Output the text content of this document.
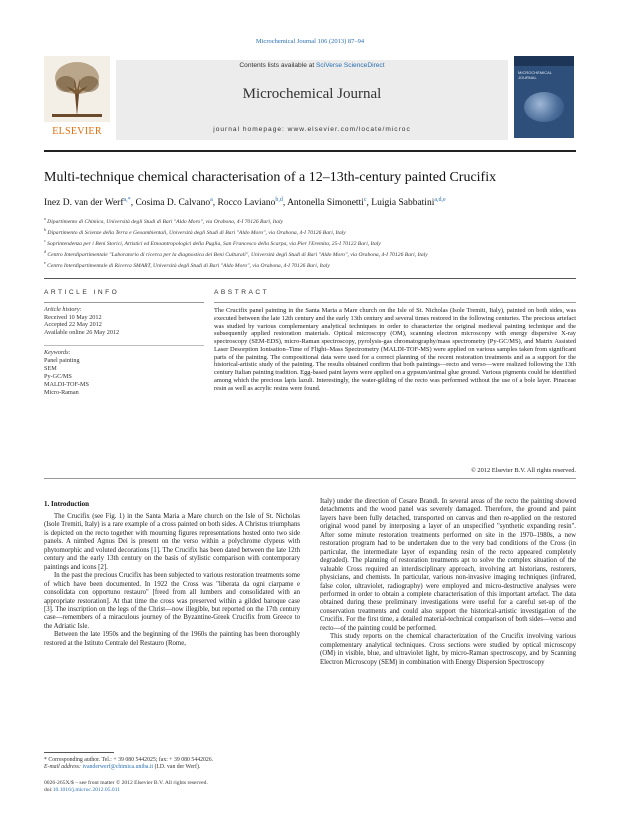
Microchemical Journal 106 (2013) 87–94
ELSEVIER
Contents lists available at SciVerse ScienceDirect
Microchemical Journal
journal homepage: www.elsevier.com/locate/microc
MICROCHEMICAL JOURNAL
Multi-technique chemical characterisation of a 12–13th-century painted Crucifix
Inez D. van der Werf$^{a,*}$, Cosima D. Calvano$^a$, Rocco Laviano$^{b,d}$, Antonella Simonetti$^c$, Luigia Sabbatini$^{a,d,e}$
$^a$ Dipartimento di Chimica, Università degli Studi di Bari "Aldo Moro", via Orabona, 4-I 70126 Bari, Italy
$^b$ Dipartimento di Scienze della Terra e Geoambientali, Università degli Studi di Bari "Aldo Moro", via Orabona, 4-I 70126 Bari, Italy
$^c$ Soprintendenza per i Beni Storici, Artistici ed Etnoantropologici della Puglia, San Francesco della Scarpa, via Pier l'Eremita, 25-I 70122 Bari, Italy
$^d$ Centro Interdipartimentale "Laboratorio di ricerca per la diagnostica dei Beni Culturali", Università degli Studi di Bari "Aldo Moro", via Orabona, 4-I 70126 Bari, Italy
$^e$ Centro Interdipartimentale di Ricerca SMART, Università degli Studi di Bari "Aldo Moro", via Orabona, 4-I 70126 Bari, Italy
ARTICLE INFO
Article history:
Received 10 May 2012
Accepted 22 May 2012
Available online 26 May 2012
Keywords:
Panel painting
SEM
Py-GC/MS
MALDI-TOF-MS
Micro-Raman
ABSTRACT
The Crucifix panel painting in the Santa Maria a Mare church on the Isle of St. Nicholas (Isole Tremiti, Italy), painted on both sides, was executed between the late 12th century and the early 13th century and several times restored in the following centuries. The precious artefact was studied by various complementary analytical techniques in order to characterize the original medieval painting technique and the subsequently applied restoration materials. Optical microscopy (OM), scanning electron microscopy with energy dispersive X-ray spectroscopy (SEM-EDS), micro-Raman spectroscopy, pyrolysis-gas chromatography/mass spectrometry (Py-GC/MS), and Matrix Assisted Laser Desorption Ionisation–Time of Flight–Mass Spectrometry (MALDI-TOF-MS) were applied on various samples taken from significant parts of the painting. The compositional data were used for a correct planning of the recent restoration treatments and as a support for the historical-artistic study of the painting. The results obtained confirm that both paintings—recto and verso—were realized following the 13th century Italian painting tradition. Egg-based paint layers were applied on a gypsum/animal glue ground. Various pigments could be identified among which the precious lapis lazuli. Interestingly, the water-gilding of the recto was performed without the use of a bole layer. Pinaceae resin as well as acrylic resins were found.
© 2012 Elsevier B.V. All rights reserved.
1. Introduction

The Crucifix (see Fig. 1) in the Santa Maria a Mare church on the Isle of St. Nicholas (Isole Tremiti, Italy) is a rare example of a cross painted on both sides. A Christus triumphans is depicted on the recto together with mourning figures representations hosted onto two side panels. A nimbed Agnus Dei is present on the verso within a polychrome clypeus with phytomorphic and voluted decorations [1]. The Crucifix has been dated between the late 12th century and the early 13th century on the basis of stylistic comparison with contemporary paintings and icons [2].

In the past the precious Crucifix has been subjected to various restoration treatments some of which have been documented. In 1922 the Cross was "liberata da ogni ciarpame e consolidata con opportuno restauro" [freed from all lumbers and consolidated with an appropriate restoration]. At that time the cross was preserved within a gilded baroque case [3]. The inscription on the legs of the Christ—now illegible, but reported on the 17th century case—remembers of a miraculous journey of the Byzantine-Greek Crucifix from Greece to the Adriatic Isle.

Between the late 1950s and the beginning of the 1960s the painting has been thoroughly restored at the Istituto Centrale del Restauro (Rome,

Italy) under the direction of Cesare Brandi. In several areas of the recto the painting showed detachments and the wood panel was severely damaged. Therefore, the ground and paint layers have been fully detached, transported on canvas and then re-applied on the restored original wood panel by interposing a layer of an unspecified "synthetic expanding resin". After some minute restoration treatments performed on site in the 1970–1980s, a new restoration program had to be undertaken due to the very bad conditions of the Cross (in particular, the intermediate layer of expanding resin of the recto appeared completely degraded). The planning of restoration treatments apt to solve the complex situation of the valuable Cross required an interdisciplinary approach, involving art historians, restorers, physicians, and chemists. In particular, various non-invasive imaging techniques (infrared, false color, ultraviolet, radiography) were employed and micro-destructive analyses were performed in order to obtain a complete characterisation of this important artefact. The data obtained during these preliminary investigations were useful for a careful set-up of the conservation treatments and could also support the historical-artistic investigation of the Crucifix. For the first time, a detailed material-technical comparison of both sides—verso and recto—of the painting could be performed.

This study reports on the chemical characterization of the Crucifix involving various complementary analytical techniques. Cross sections were studied by optical microscopy (OM) in visible, blue, and ultraviolet light, by micro-Raman spectroscopy, and by Scanning Electron Microscopy (SEM) in combination with Energy Dispersion Spectroscopy

* Corresponding author. Tel.: + 39 080 5442025; fax: + 39 080 5442026.
E-mail address: ivanderwerf@chimica.uniba.it (I.D. van der Werf).
0026-265X/$ – see front matter © 2012 Elsevier B.V. All rights reserved.
doi:10.1016/j.microc.2012.05.011
